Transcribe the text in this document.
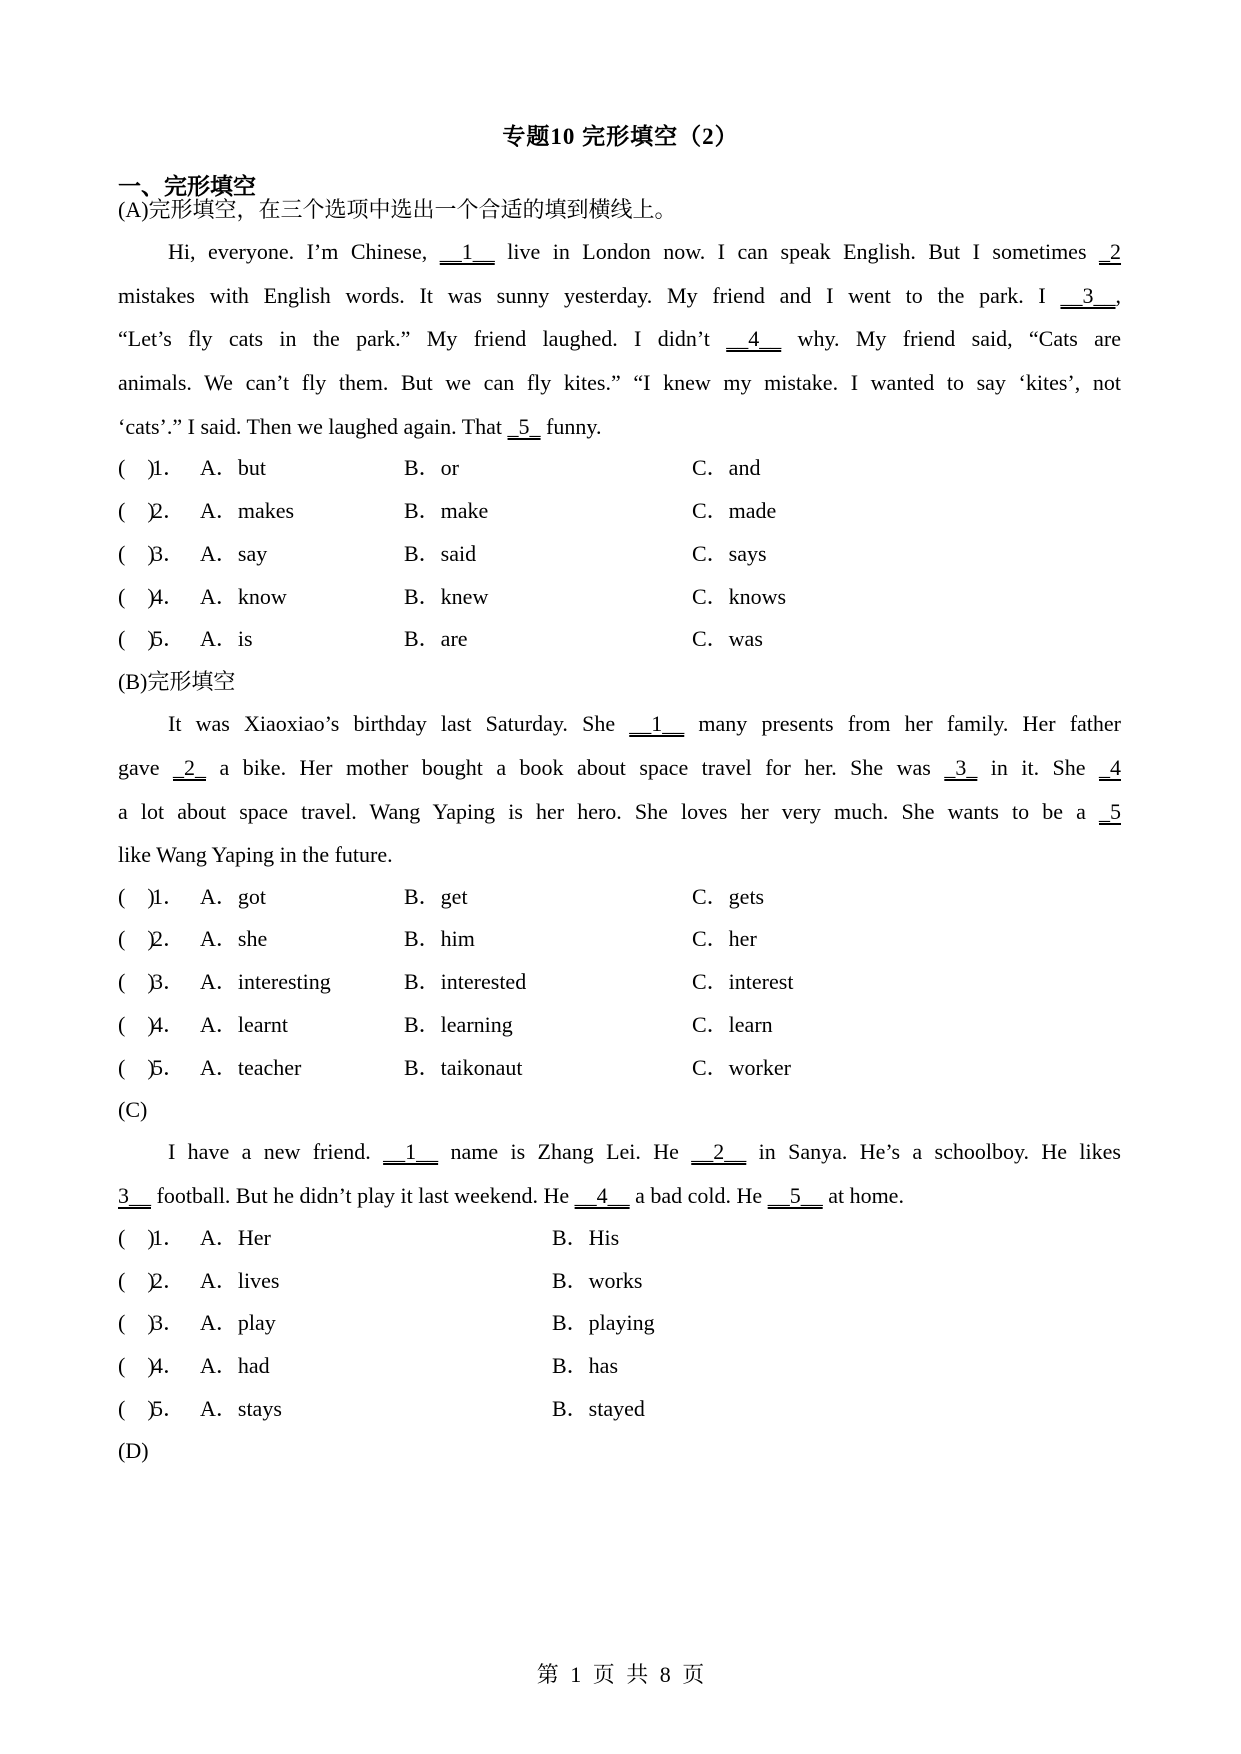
专题10 完形填空（2）
一、完形填空
(A)完形填空，在三个选项中选出一个合适的填到横线上。
Hi, everyone. I’m Chinese, __1__ live in London now. I can speak English. But I sometimes _2
mistakes with English words. It was sunny yesterday. My friend and I went to the park. I __3__,
“Let’s fly cats in the park.” My friend laughed. I didn’t __4__ why. My friend said, “Cats are
animals. We can’t fly them. But we can fly kites.” “I knew my mistake. I wanted to say ‘kites’, not
‘cats’.” I said. Then we laughed again. That _5_ funny.
(　)
1． A．but	B．or	C．and
(　)
2． A．makes	B．make	C．made
(　)
3． A．say	B．said	C．says
(　)
4． A．know	B．knew	C．knows
(　)
5． A．is	B．are	C．was
(B)完形填空
It was Xiaoxiao’s birthday last Saturday. She __1__ many presents from her family. Her father
gave _2_ a bike. Her mother bought a book about space travel for her. She was _3_ in it. She _4
a lot about space travel. Wang Yaping is her hero. She loves her very much. She wants to be a _5
like Wang Yaping in the future.
(　)
1． A．got	B．get	C．gets
(　)
2． A．she	B．him	C．her
(　)
3． A．interesting	B．interested	C．interest
(　)
4． A．learnt	B．learning	C．learn
(　)
5． A．teacher	B．taikonaut	C．worker
(C)
I have a new friend. __1__ name is Zhang Lei. He __2__ in Sanya. He’s a schoolboy. He likes
3__ football. But he didn’t play it last weekend. He __4__ a bad cold. He __5__ at home.
(　)
1． A．Her	B．His
(　)
2． A．lives	B．works
(　)
3． A．play	B．playing
(　)
4． A．had	B．has
(　)
5． A．stays	B．stayed
(D)
第 1 页 共 8 页
